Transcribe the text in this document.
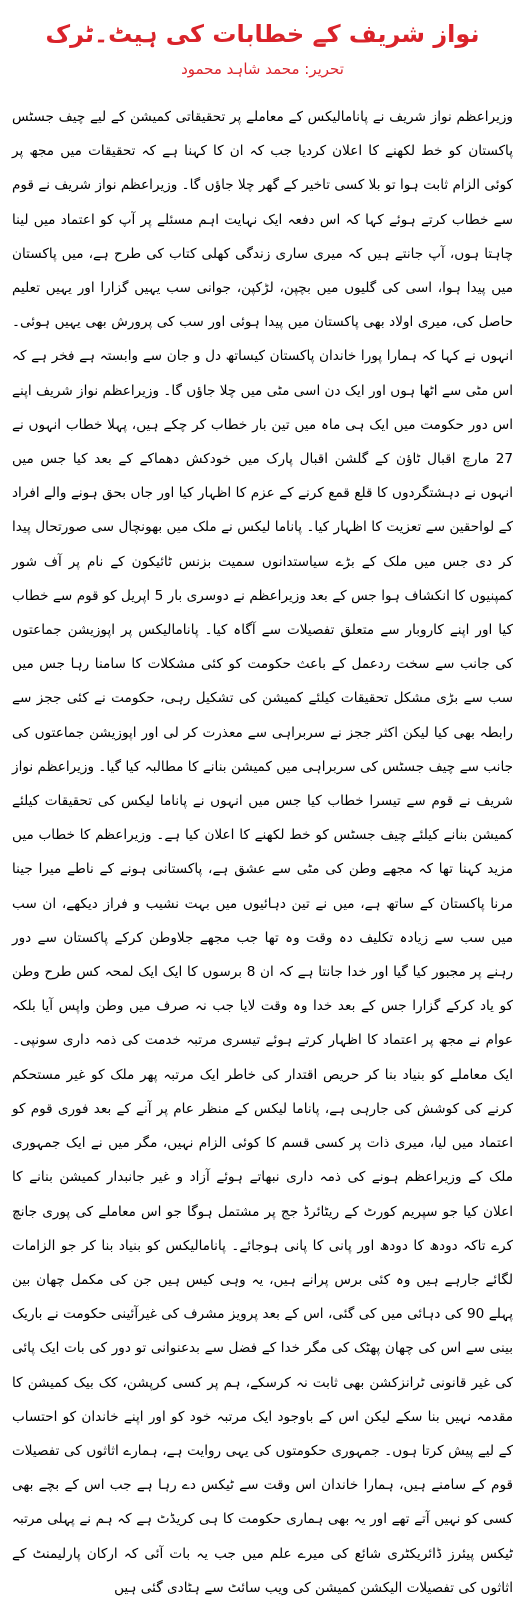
نواز شریف کے خطابات کی ہیٹ۔ٹرک
تحریر: محمد شاہد محمود

وزیراعظم نواز شریف نے پانامالیکس کے معاملے پر تحقیقاتی کمیشن کے لیے چیف جسٹس پاکستان کو خط لکھنے کا اعلان کردیا جب کہ ان کا کہنا ہے کہ تحقیقات میں مجھ پر کوئی الزام ثابت ہوا تو بلا کسی تاخیر کے گھر چلا جاؤں گا۔ وزیراعظم نواز شریف نے قوم سے خطاب کرتے ہوئے کہا کہ اس دفعہ ایک نہایت اہم مسئلے پر آپ کو اعتماد میں لینا چاہتا ہوں، آپ جانتے ہیں کہ میری ساری زندگی کھلی کتاب کی طرح ہے، میں پاکستان میں پیدا ہوا، اسی کی گلیوں میں بچپن، لڑکپن، جوانی سب یہیں گزارا اور یہیں تعلیم حاصل کی، میری اولاد بھی پاکستان میں پیدا ہوئی اور سب کی پرورش بھی یہیں ہوئی۔ انہوں نے کہا کہ ہمارا پورا خاندان پاکستان کیساتھ دل و جان سے وابستہ ہے فخر ہے کہ اس مٹی سے اٹھا ہوں اور ایک دن اسی مٹی میں چلا جاؤں گا۔ وزیراعظم نواز شریف اپنے اس دور حکومت میں ایک ہی ماہ میں تین بار خطاب کر چکے ہیں، پہلا خطاب انہوں نے 27 مارچ اقبال ٹاؤن کے گلشن اقبال پارک میں خودکش دھماکے کے بعد کیا جس میں انہوں نے دہشتگردوں کا قلع قمع کرنے کے عزم کا اظہار کیا اور جاں بحق ہونے والے افراد کے لواحقین سے تعزیت کا اظہار کیا۔ پاناما لیکس نے ملک میں بھونچال سی صورتحال پیدا کر دی جس میں ملک کے بڑے سیاستدانوں سمیت بزنس ٹائیکون کے نام پر آف شور کمپنیوں کا انکشاف ہوا جس کے بعد وزیراعظم نے دوسری بار 5 اپریل کو قوم سے خطاب کیا اور اپنے کاروبار سے متعلق تفصیلات سے آگاہ کیا۔ پانامالیکس پر اپوزیشن جماعتوں کی جانب سے سخت ردعمل کے باعث حکومت کو کئی مشکلات کا سامنا رہا جس میں سب سے بڑی مشکل تحقیقات کیلئے کمیشن کی تشکیل رہی، حکومت نے کئی ججز سے رابطہ بھی کیا لیکن اکثر ججز نے سربراہی سے معذرت کر لی اور اپوزیشن جماعتوں کی جانب سے چیف جسٹس کی سربراہی میں کمیشن بنانے کا مطالبہ کیا گیا۔ وزیراعظم نواز شریف نے قوم سے تیسرا خطاب کیا جس میں انہوں نے پاناما لیکس کی تحقیقات کیلئے کمیشن بنانے کیلئے چیف جسٹس کو خط لکھنے کا اعلان کیا ہے۔ وزیراعظم کا خطاب میں مزید کہنا تھا کہ مجھے وطن کی مٹی سے عشق ہے، پاکستانی ہونے کے ناطے میرا جینا مرنا پاکستان کے ساتھ ہے، میں نے تین دہائیوں میں بہت نشیب و فراز دیکھے، ان سب میں سب سے زیادہ تکلیف دہ وقت وہ تھا جب مجھے جلاوطن کرکے پاکستان سے دور رہنے پر مجبور کیا گیا اور خدا جانتا ہے کہ ان 8 برسوں کا ایک ایک لمحہ کس طرح وطن کو یاد کرکے گزارا جس کے بعد خدا وہ وقت لایا جب نہ صرف میں وطن واپس آیا بلکہ عوام نے مجھ پر اعتماد کا اظہار کرتے ہوئے تیسری مرتبہ خدمت کی ذمہ داری سونپی۔ ایک معاملے کو بنیاد بنا کر حریص اقتدار کی خاطر ایک مرتبہ پھر ملک کو غیر مستحکم کرنے کی کوشش کی جارہی ہے، پاناما لیکس کے منظر عام پر آنے کے بعد فوری قوم کو اعتماد میں لیا، میری ذات پر کسی قسم کا کوئی الزام نہیں، مگر میں نے ایک جمہوری ملک کے وزیراعظم ہونے کی ذمہ داری نبھاتے ہوئے آزاد و غیر جانبدار کمیشن بنانے کا اعلان کیا جو سپریم کورٹ کے ریٹائرڈ جج پر مشتمل ہوگا جو اس معاملے کی پوری جانچ کرے تاکہ دودھ کا دودھ اور پانی کا پانی ہوجائے۔ پانامالیکس کو بنیاد بنا کر جو الزامات لگائے جارہے ہیں وہ کئی برس پرانے ہیں، یہ وہی کیس ہیں جن کی مکمل چھان بین پہلے 90 کی دہائی میں کی گئی، اس کے بعد پرویز مشرف کی غیرآئینی حکومت نے باریک بینی سے اس کی چھان پھٹک کی مگر خدا کے فضل سے بدعنوانی تو دور کی بات ایک پائی کی غیر قانونی ٹرانزکشن بھی ثابت نہ کرسکے، ہم پر کسی کرپشن، کک بیک کمیشن کا مقدمہ نہیں بنا سکے لیکن اس کے باوجود ایک مرتبہ خود کو اور اپنے خاندان کو احتساب کے لیے پیش کرتا ہوں۔ جمہوری حکومتوں کی یہی روایت ہے، ہمارے اثاثوں کی تفصیلات قوم کے سامنے ہیں، ہمارا خاندان اس وقت سے ٹیکس دے رہا ہے جب اس کے بچے بھی کسی کو نہیں آتے تھے اور یہ بھی ہماری حکومت کا ہی کریڈٹ ہے کہ ہم نے پہلی مرتبہ ٹیکس پیئرز ڈائریکٹری شائع کی میرے علم میں جب یہ بات آئی کہ ارکان پارلیمنٹ کے اثاثوں کی تفصیلات الیکشن کمیشن کی ویب سائٹ سے ہٹادی گئی ہیں
